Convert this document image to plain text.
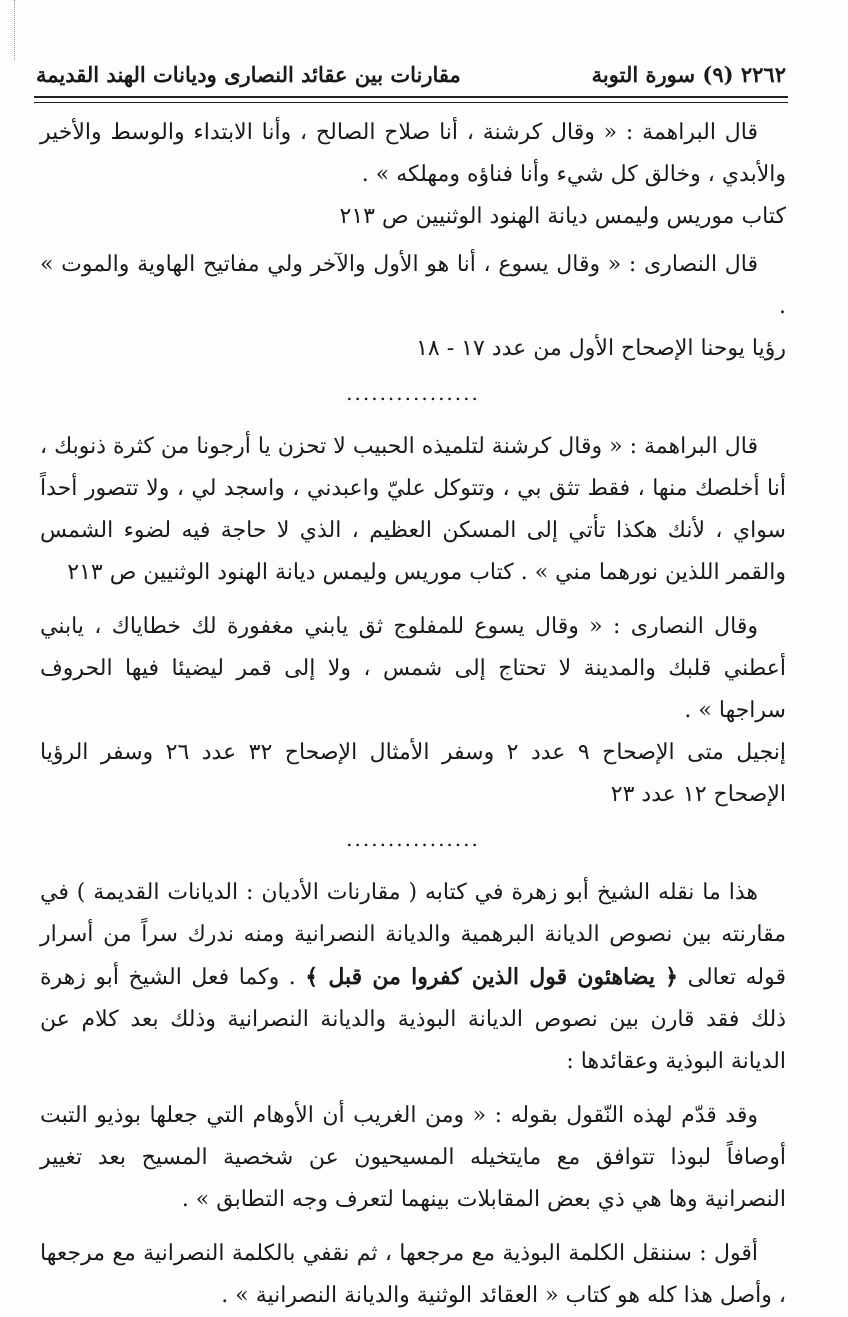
٢٢٦٢ (٩) سورة التوبة
مقارنات بين عقائد النصارى وديانات الهند القديمة

قال البراهمة : « وقال كرشنة ، أنا صلاح الصالح ، وأنا الابتداء والوسط والأخير والأبدي ، وخالق كل شيء وأنا فناؤه ومهلكه » .

كتاب موريس وليمس ديانة الهنود الوثنيين ص ٢١٣

قال النصارى : « وقال يسوع ، أنا هو الأول والآخر ولي مفاتيح الهاوية والموت » .

رؤيا يوحنا الإصحاح الأول من عدد ١٧ - ١٨

................

قال البراهمة : « وقال كرشنة لتلميذه الحبيب لا تحزن يا أرجونا من كثرة ذنوبك ، أنا أخلصك منها ، فقط تثق بي ، وتتوكل عليّ واعبدني ، واسجد لي ، ولا تتصور أحداً سواي ، لأنك هكذا تأتي إلى المسكن العظيم ، الذي لا حاجة فيه لضوء الشمس والقمر اللذين نورهما مني » . كتاب موريس وليمس ديانة الهنود الوثنيين ص ٢١٣

وقال النصارى : « وقال يسوع للمفلوج ثق يابني مغفورة لك خطاياك ، يابني أعطني قلبك والمدينة لا تحتاج إلى شمس ، ولا إلى قمر ليضيئا فيها الحروف سراجها » .

إنجيل متى الإصحاح ٩ عدد ٢ وسفر الأمثال الإصحاح ٣٢ عدد ٢٦ وسفر الرؤيا الإصحاح ١٢ عدد ٢٣

................

هذا ما نقله الشيخ أبو زهرة في كتابه ( مقارنات الأديان : الديانات القديمة ) في مقارنته بين نصوص الديانة البرهمية والديانة النصرانية ومنه ندرك سراً من أسرار قوله تعالى ﴿ يضاهئون قول الذين كفروا من قبل ﴾ . وكما فعل الشيخ أبو زهرة ذلك فقد قارن بين نصوص الديانة البوذية والديانة النصرانية وذلك بعد كلام عن الديانة البوذية وعقائدها :

وقد قدّم لهذه النّقول بقوله : « ومن الغريب أن الأوهام التي جعلها بوذيو التبت أوصافاً لبوذا تتوافق مع مايتخيله المسيحيون عن شخصية المسيح بعد تغيير النصرانية وها هي ذي بعض المقابلات بينهما لتعرف وجه التطابق » .

أقول : سننقل الكلمة البوذية مع مرجعها ، ثم نقفي بالكلمة النصرانية مع مرجعها ، وأصل هذا كله هو كتاب « العقائد الوثنية والديانة النصرانية » .
